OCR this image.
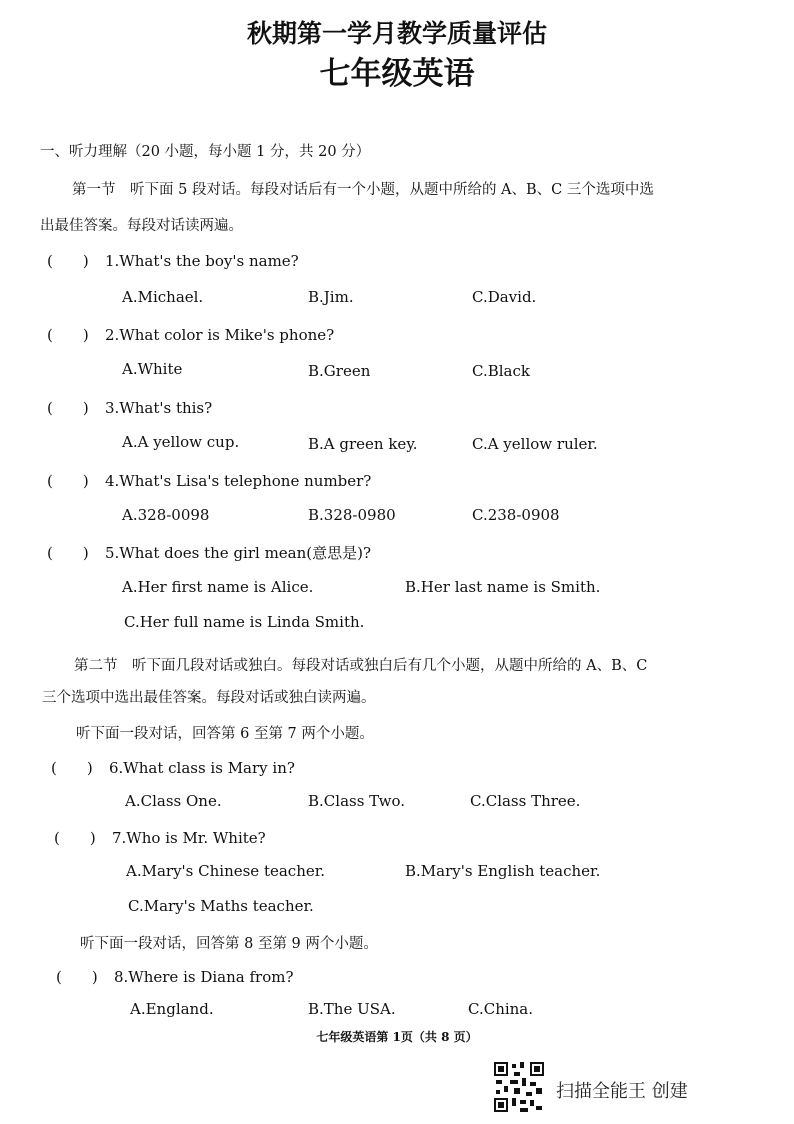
秋期第一学月教学质量评估
七年级英语
一、听力理解（20 小题，每小题 1 分，共 20 分）
第一节　听下面 5 段对话。每段对话后有一个小题，从题中所给的 A、B、C 三个选项中选
出最佳答案。每段对话读两遍。
(　　) 1.What's the boy's name?
A.Michael.	B.Jim.	C.David.
(　　) 2.What color is Mike's phone?
A.White	B.Green	C.Black
(　　) 3.What's this?
A.A yellow cup.	B.A green key.	C.A yellow ruler.
(　　) 4.What's Lisa's telephone number?
A.328-0098	B.328-0980	C.238-0908
(　　) 5.What does the girl mean(意思是)?
A.Her first name is Alice.	B.Her last name is Smith.
C.Her full name is Linda Smith.
第二节　听下面几段对话或独白。每段对话或独白后有几个小题，从题中所给的 A、B、C
三个选项中选出最佳答案。每段对话或独白读两遍。
听下面一段对话，回答第 6 至第 7 两个小题。
(　　) 6.What class is Mary in?
A.Class One.	B.Class Two.	C.Class Three.
(　　) 7.Who is Mr. White?
A.Mary's Chinese teacher.	B.Mary's English teacher.
C.Mary's Maths teacher.
听下面一段对话，回答第 8 至第 9 两个小题。
(　　) 8.Where is Diana from?
A.England.	B.The USA.	C.China.
七年级英语第 1页（共 8 页）
扫描全能王 创建
